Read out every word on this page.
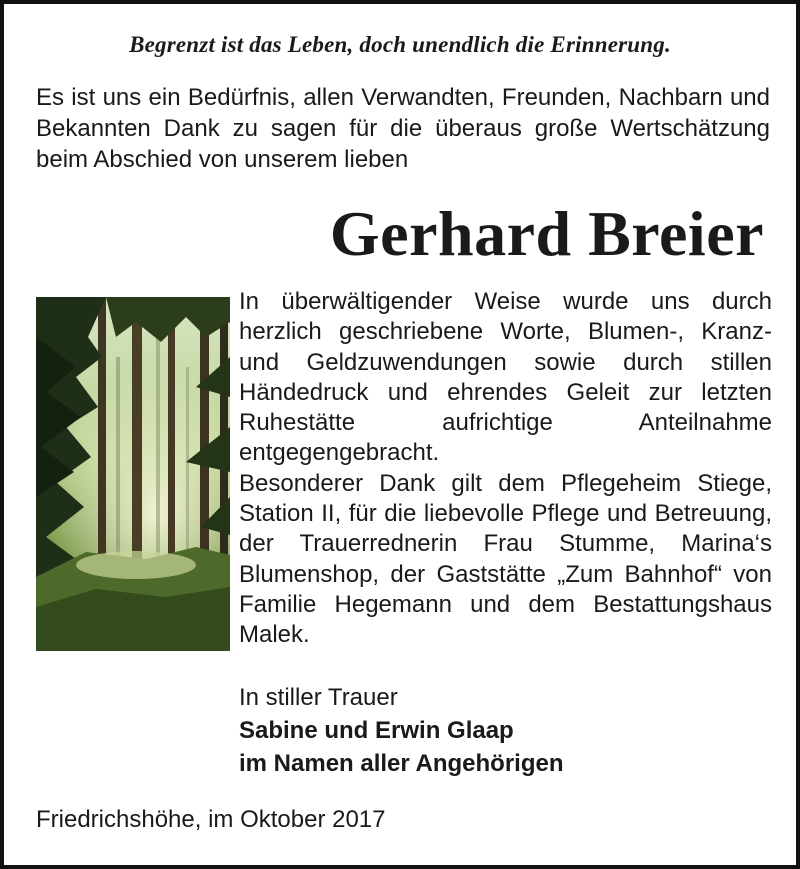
Begrenzt ist das Leben, doch unendlich die Erinnerung.

Es ist uns ein Bedürfnis, allen Verwandten, Freunden, Nachbarn und Bekannten Dank zu sagen für die überaus große Wertschätzung beim Abschied von unserem lieben

Gerhard Breier

In überwältigender Weise wurde uns durch herzlich geschriebene Worte, Blumen-, Kranz- und Geldzuwendungen sowie durch stillen Händedruck und ehrendes Geleit zur letzten Ruhestätte aufrichtige Anteilnahme entgegengebracht.

Besonderer Dank gilt dem Pflegeheim Stiege, Station II, für die liebevolle Pflege und Betreuung, der Trauerrednerin Frau Stumme, Marina‘s Blumenshop, der Gaststätte „Zum Bahnhof“ von Familie Hegemann und dem Bestattungshaus Malek.

In stiller Trauer
Sabine und Erwin Glaap
im Namen aller Angehörigen
Friedrichshöhe, im Oktober 2017
